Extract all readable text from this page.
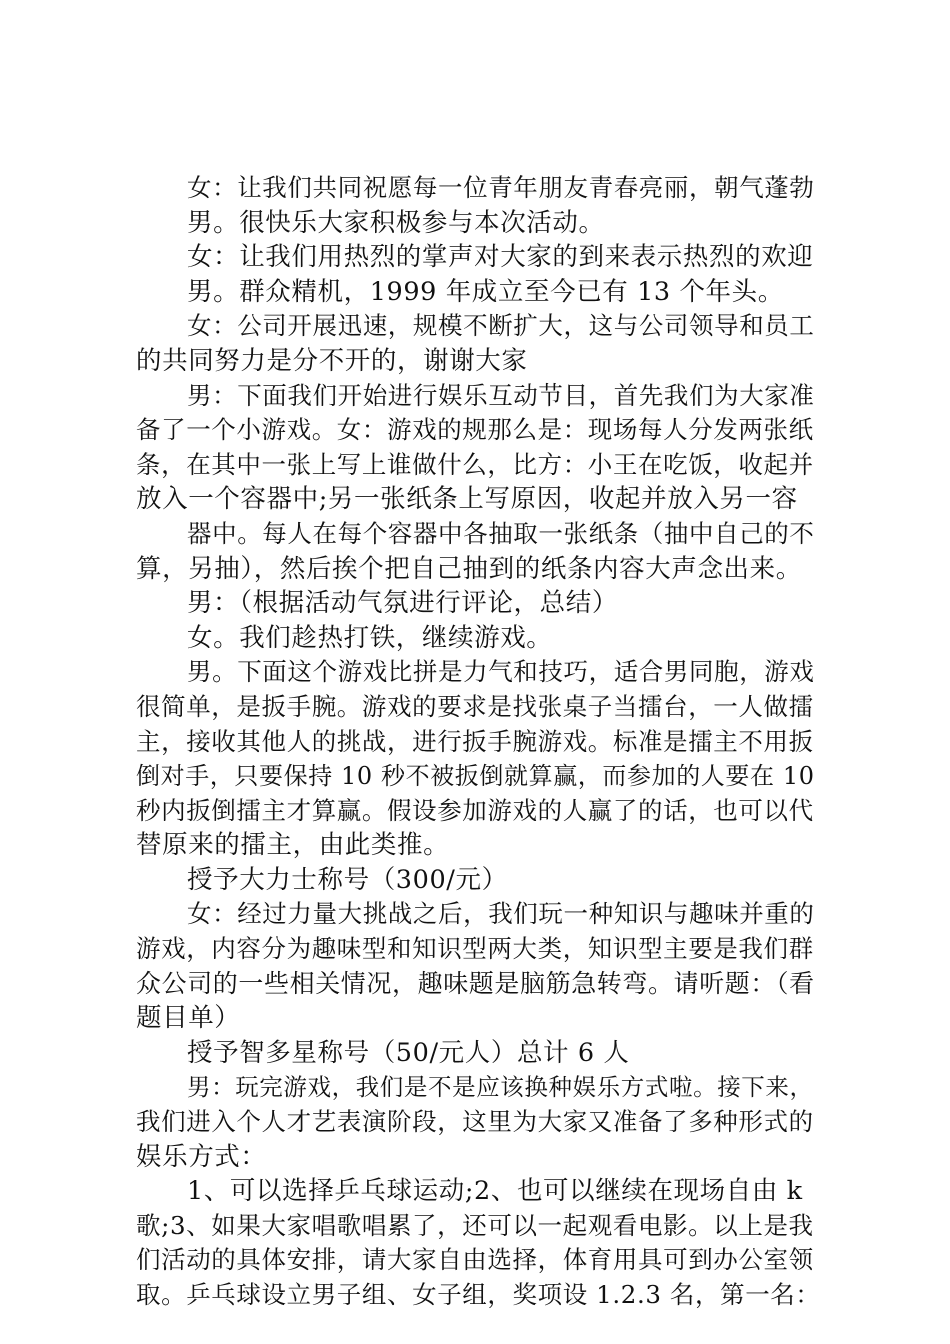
女：让我们共同祝愿每一位青年朋友青春亮丽，朝气蓬勃
男。很快乐大家积极参与本次活动。
女：让我们用热烈的掌声对大家的到来表示热烈的欢迎
男。群众精机，1999 年成立至今已有 13 个年头。
女：公司开展迅速，规模不断扩大，这与公司领导和员工
的共同努力是分不开的，谢谢大家
男：下面我们开始进行娱乐互动节目，首先我们为大家准
备了一个小游戏。女：游戏的规那么是：现场每人分发两张纸
条，在其中一张上写上谁做什么，比方：小王在吃饭，收起并
放入一个容器中;另一张纸条上写原因，收起并放入另一容
器中。每人在每个容器中各抽取一张纸条（抽中自己的不
算，另抽），然后挨个把自己抽到的纸条内容大声念出来。
男：（根据活动气氛进行评论，总结）
女。我们趁热打铁，继续游戏。
男。下面这个游戏比拼是力气和技巧，适合男同胞，游戏
很简单，是扳手腕。游戏的要求是找张桌子当擂台，一人做擂
主，接收其他人的挑战，进行扳手腕游戏。标准是擂主不用扳
倒对手，只要保持 10 秒不被扳倒就算赢，而参加的人要在 10
秒内扳倒擂主才算赢。假设参加游戏的人赢了的话，也可以代
替原来的擂主，由此类推。
授予大力士称号（300/元）
女：经过力量大挑战之后，我们玩一种知识与趣味并重的
游戏，内容分为趣味型和知识型两大类，知识型主要是我们群
众公司的一些相关情况，趣味题是脑筋急转弯。请听题：（看
题目单）
授予智多星称号（50/元人）总计 6 人
男：玩完游戏，我们是不是应该换种娱乐方式啦。接下来，
我们进入个人才艺表演阶段，这里为大家又准备了多种形式的
娱乐方式：
1、可以选择乒乓球运动;2、也可以继续在现场自由 k
歌;3、如果大家唱歌唱累了，还可以一起观看电影。以上是我
们活动的具体安排，请大家自由选择，体育用具可到办公室领
取。乒乓球设立男子组、女子组，奖项设 1.2.3 名，第一名：
